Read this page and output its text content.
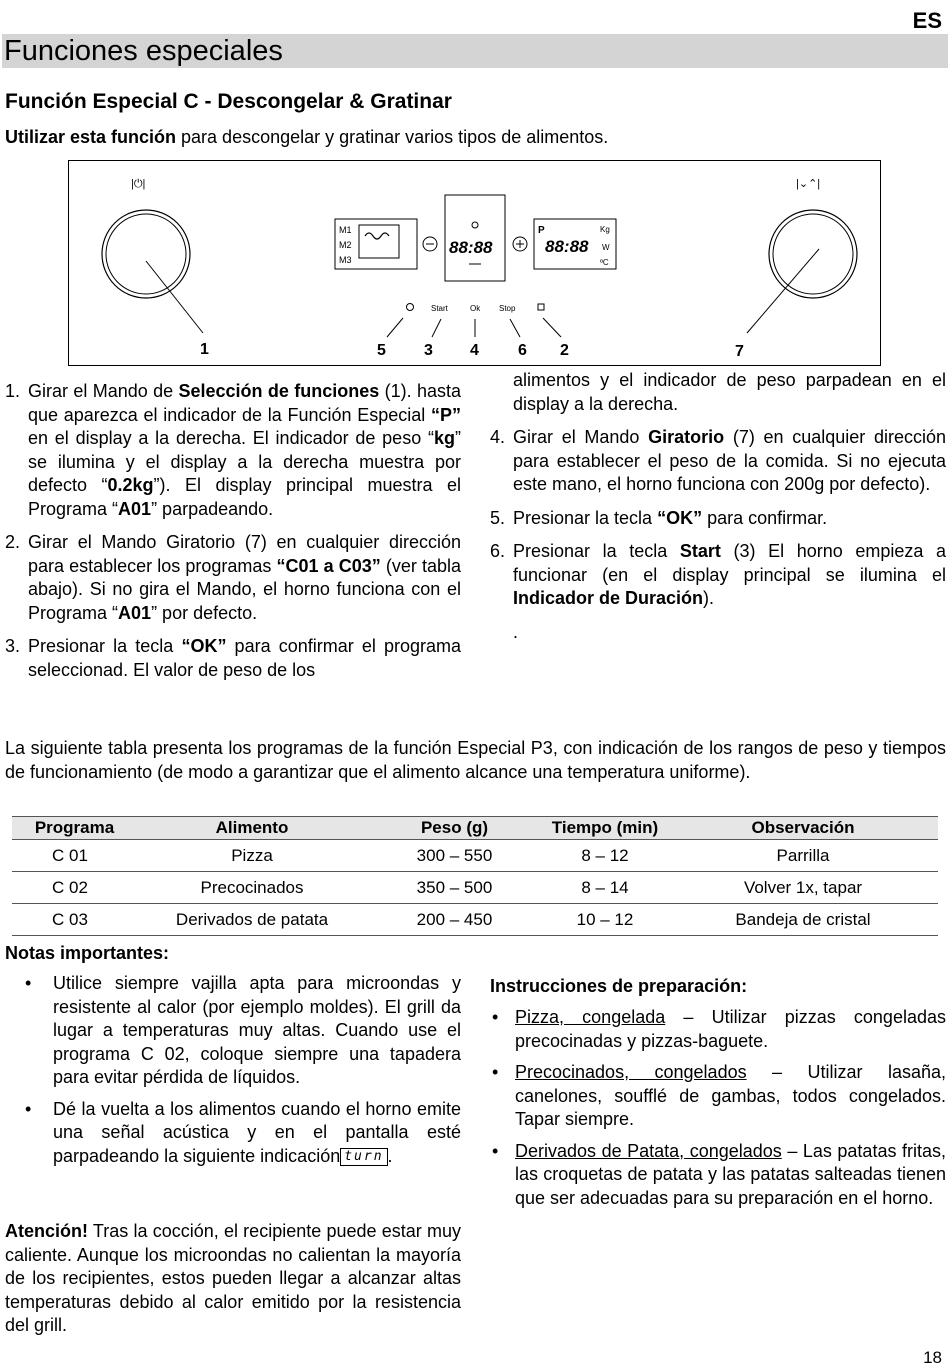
ES
Funciones especiales
Función Especial C - Descongelar & Gratinar
Utilizar esta función para descongelar y gratinar varios tipos de alimentos.
|⏻|	|⌄⌃|
M1
M2
M3
88:88
P	Kg
88:88 W
ºC
Start	Ok Stop
1	5 3 4 6 2	7
1. Girar el Mando de Selección de funciones (1). hasta que aparezca el indicador de la Función Especial “P” en el display a la derecha. El indicador de peso “kg” se ilumina y el display a la derecha muestra por defecto “0.2kg”). El display principal muestra el Programa “A01” parpadeando.
2. Girar el Mando Giratorio (7) en cualquier dirección para establecer los programas “C01 a C03” (ver tabla abajo). Si no gira el Mando, el horno funciona con el Programa “A01” por defecto.
3. Presionar la tecla “OK” para confirmar el programa seleccionad. El valor de peso de los
alimentos y el indicador de peso parpadean en el display a la derecha.
4. Girar el Mando Giratorio (7) en cualquier dirección para establecer el peso de la comida. Si no ejecuta este mano, el horno funciona con 200g por defecto).
5. Presionar la tecla “OK” para confirmar.
6. Presionar la tecla Start (3) El horno empieza a funcionar (en el display principal se ilumina el Indicador de Duración).
.
La siguiente tabla presenta los programas de la función Especial P3, con indicación de los rangos de peso y tiempos de funcionamiento (de modo a garantizar que el alimento alcance una temperatura uniforme).
Programa	Alimento	Peso (g)	Tiempo (min)	Observación
C 01	Pizza	300 – 550	8 – 12	Parrilla
C 02	Precocinados	350 – 500	8 – 14	Volver 1x, tapar
C 03	Derivados de patata	200 – 450	10 – 12	Bandeja de cristal
Notas importantes:
• Utilice siempre vajilla apta para microondas y resistente al calor (por ejemplo moldes). El grill da lugar a temperaturas muy altas. Cuando use el programa C 02, coloque siempre una tapadera para evitar pérdida de líquidos.
• Dé la vuelta a los alimentos cuando el horno emite una señal acústica y en el pantalla esté parpadeando la siguiente indicación turn .
Atención! Tras la cocción, el recipiente puede estar muy caliente. Aunque los microondas no calientan la mayoría de los recipientes, estos pueden llegar a alcanzar altas temperaturas debido al calor emitido por la resistencia del grill.
Instrucciones de preparación:
• Pizza, congelada – Utilizar pizzas congeladas precocinadas y pizzas-baguete.
• Precocinados, congelados – Utilizar lasaña, canelones, soufflé de gambas, todos congelados. Tapar siempre.
• Derivados de Patata, congelados – Las patatas fritas, las croquetas de patata y las patatas salteadas tienen que ser adecuadas para su preparación en el horno.
18
